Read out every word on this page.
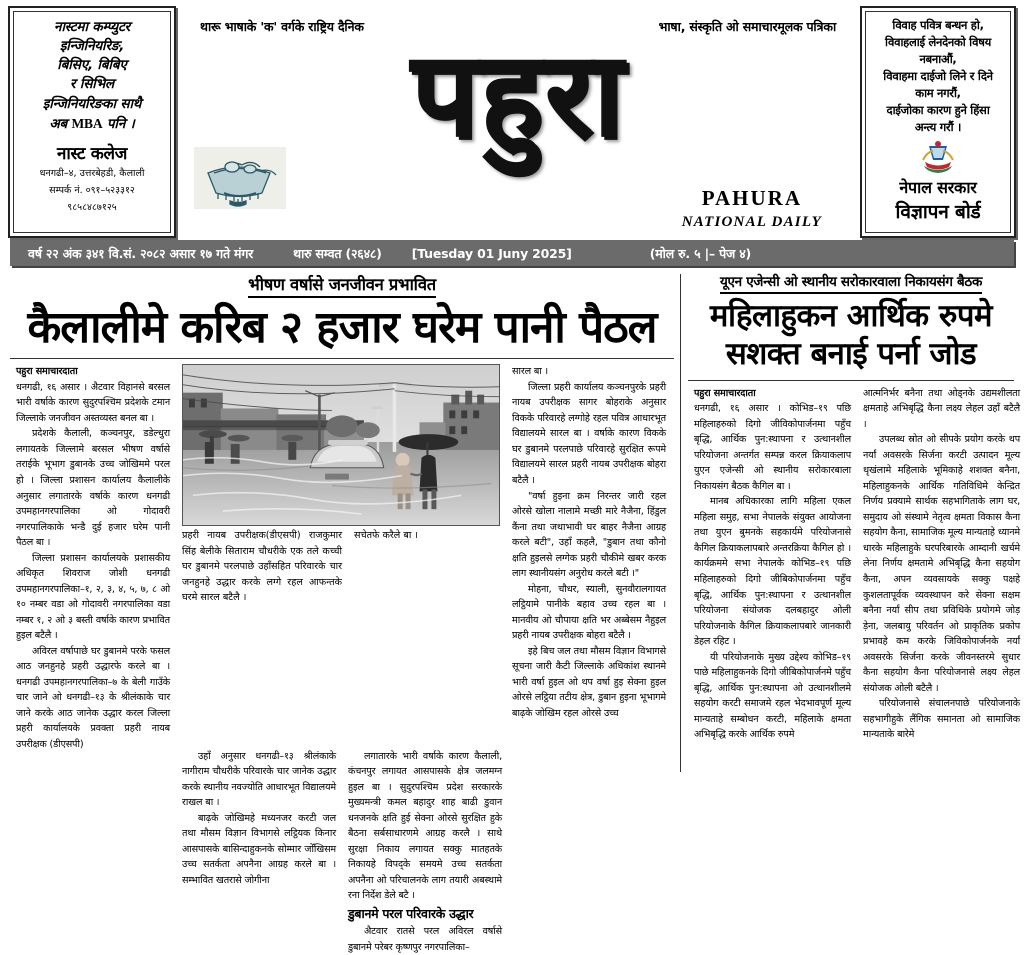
नास्टमा कम्प्युटर
इन्जिनियरिङ,
बिसिए, बिबिए
र सिभिल
इन्जिनियरिङका साथै
अब MBA पनि ।
नास्ट कलेज
धनगढी–४, उत्तरबेहडी, कैलाली
सम्पर्क नं. ०९१–५२३३१२
९८५८४८७१२५
थारू भाषाके 'क' वर्गके राष्ट्रिय दैनिक	भाषा, संस्कृति ओ समाचारमूलक पत्रिका
पहुरा
PAHURA
NATIONAL DAILY
विवाह पवित्र बन्धन हो,
विवाहलाई लेनदेनको विषय
नबनाऔं,
विवाहमा दाईजो लिने र दिने
काम नगरौं,
दाईजोका कारण हुने हिंसा
अन्त्य गरौं ।
नेपाल सरकार
विज्ञापन बोर्ड
वर्ष २२ अंक ३४१ वि.सं. २०८२ असार १७ गते मंगर	थारु सम्वत (२६४८) [Tuesday 01 Juny 2025]	(मोल रु. ५ |– पेज ४)
भीषण वर्षासे जनजीवन प्रभावित
कैलालीमे करिब २ हजार घरेम पानी पैठल

पहुरा समाचारदाता

धनगढी, १६ असार । अैटवार विहानसे बरसल भारी वर्षाके कारण सुदुरपश्चिम प्रदेशके टमान जिल्लाके जनजीवन अस्तव्यस्त बनल बा ।

प्रदेशके कैलाली, कञ्चनपुर, डडेल्धुरा लगायतके जिल्लामे बरसल भीषण वर्षासे तराईके भूभाग डुबानके उच्च जोखिममे परल हो । जिल्ला प्रशासन कार्यालय कैलालीके अनुसार लगातारके वर्षाके कारण धनगढी उपमहानगरपालिका ओ गोदावरी नगरपालिकाके भन्डै दुई हजार घरेम पानी पैठल बा ।

जिल्ला प्रशासन कार्यालयके प्रशासकीय अधिकृत शिवराज जोशी धनगढी उपमहानगरपालिका–१, २, ३, ४, ५, ७, ८ ओ १० नम्बर वडा ओ गोदावरी नगरपालिका वडा नम्बर १, २ ओ ३ बस्ती वर्षाके कारण प्रभावित हुइल बटैलै ।

अविरल वर्षापाछे घर डुबानमे परके फसल आठ जनहुनहे प्रहरी उद्धारफे करले बा । धनगढी उपमहानगरपालिका–७ के बेली गाउँके चार जाने ओ धनगढी–१३ के श्रीलंकाके चार जाने करके आठ जानेक उद्धार करल जिल्ला प्रहरी कार्यालयके प्रवक्ता प्रहरी नायब उपरीक्षक (डीएसपी)

प्रहरी नायब उपरीक्षक(डीएसपी) राजकुमार सिंह बेलीके सिताराम चौधरीके एक तले कच्ची घर डुबानमे परलपाछे उहाँसहित परिवारके चार जनहुनहे उद्धार करके लग्गे रहल आफन्तके घरमे सारल बटैलै ।
सचेतफे करैले बा ।

सारल बा ।

जिल्ला प्रहरी कार्यालय कञ्चनपुरके प्रहरी नायब उपरीक्षक सागर बोहराके अनुसार विकके परिवारहे लग्गोहे रहल पवित्र आधारभूत विद्यालयमे सारल बा । वर्षाके कारण विकके घर डुबानमे परलपाछे परिवारहे सुरक्षित रूपमे विद्यालयमे सारल प्रहरी नायब उपरीक्षक बोहरा बटैलै ।

"वर्षा हुइना क्रम निरन्तर जारी रहल ओरसे खोला नालामे मच्छी मारे नैजैना, हिंडुल कैंना तथा जथाभावी घर बाहर नैजैना आग्रह करले बटी", उहाँ कहलै, "डुबान तथा कौनो क्षति हुइलसे लग्गेक प्रहरी चौकीमे खबर करक लाग स्थानीयसंग अनुरोध करले बटी ।"

मोहना, चौधर, स्याली, सुनवौरालगायत लट्ठियामे पानीके बहाव उच्च रहल बा । मानवीय ओ चौपाया क्षति भर अब्बेसम नैहुइल प्रहरी नायब उपरीक्षक बोहरा बटैलै ।

इहे बिच जल तथा मौसम विज्ञान विभागसे सूचना जारी कैटी जिल्लाके अधिकांश स्थानमे भारी वर्षा हुइल ओ थप वर्षा हुइ सेक्ना हुइल ओरसे लट्ठिया तटीय क्षेत्र, डुबान हुइना भूभागमे बाढ़के जोखिम रहल ओरसे उच्च

उहाँ अनुसार धनगढी–१३ श्रीलंकाके नागीराम चौधरीके परिवारके चार जानेक उद्धार करके स्थानीय नवज्योति आधारभूत विद्यालयमे राखल बा ।

बाढ़के जोखिमहे मध्यनजर करटी जल तथा मौसम विज्ञान विभागसे लट्ठियक किनार आसपासके बासिन्दाहुकनके सोम्मार जोँखिसम उच्च सतर्कता अपनैना आग्रह करले बा । सम्भावित खतरासे जोगीना

लगातारके भारी वर्षाके कारण कैलाली, कंचनपुर लगायत आसपासके क्षेत्र जलमग्न हुइल बा । सुदुरपश्चिम प्रदेश सरकारके मुख्यमन्त्री कमल बहादुर शाह बाढी डुवान धनजनके क्षति हुई सेक्ना ओरसे सुरक्षित हुके बैठना सर्बसाधारणमे आग्रह करलै । साथे सुरक्षा निकाय लगायत सक्कु मातहतके निकायहे विपद्के समयमे उच्च सतर्कता अपनैना ओ परिचालनके लाग तयारी अबस्थामे रना निर्देश डेले बटै ।

डुबानमे परल परिवारके उद्धार

अैटवार रातसे परल अविरल वर्षासे डुबानमे परेबर कृष्णपुर नगरपालिका–

यूएन एजेन्सी ओ स्थानीय सरोकारवाला निकायसंग बैठक
महिलाहुकन आर्थिक रुपमे
सशक्त बनाई पर्ना जोड

पहुरा समाचारदाता

धनगढी, १६ असार । कोभिड–१९ पछि महिलाहरुको दिगो जीविकोपार्जनमा पहुँच बृद्धि, आर्थिक पुन:स्थापना र उत्थानशील परियोजना अन्तर्गत सम्पन्न करल क्रियाकलाप युएन एजेन्सी ओ स्थानीय सरोकारबाला निकायसंग बैठक कैगिल बा ।

मानब अधिकारका लागि महिला एकल महिला समुह, सभा नेपालके संयुक्त आयोजना तथा युएन बुमनके सहकार्यमे परियोजनासे कैगिल क्रियाकलापबारे अन्तरक्रिया कैगिल हो । कार्यक्रममे सभा नेपालके कोभिड–१९ पछि महिलाहरुको दिगो जीबिकोपार्जनमा पहुँच बृद्धि, आर्थिक पुन:स्थापना र उत्थानशील परियोजना संयोजक दलबहादुर ओली परियोजनाके कैगिल क्रियाकलापबारे जानकारी डेहल रहिट ।

यी परियोजनाके मुख्य उद्देश्य कोभिड–१९ पाछे महिलाहुकनके दिगो जीबिकोपार्जनमे पहुँच बृद्धि, आर्थिक पुन:स्थापना ओ उत्थानशीलमे सहयोग करटी समाजमे रहल भेदभावपूर्ण मूल्य मान्यताहे सम्बोधन करटी, महिलाके क्षमता अभिबृद्धि करके आर्थिक रुपमे

आत्मनिर्भर बनैना तथा ओड्नके उद्यमशीलता क्षमताहे अभिबृद्धि कैना लक्ष्य लेहल उहाँ बटैलै ।

उपलब्ध स्रोत ओ सीपके प्रयोग करके थप नर्यां अवसरके सिर्जना करटी उत्पादन मूल्य थृखंलामे महिलाके भूमिकाहे शशक्त बनैना, महिलाहुकनके आर्थिक गतिविधिमे केन्द्रित निर्णय प्रक्यामे सार्थक सहभागिताके लाग घर, समुदाय ओ संस्थामे नेतृत्व क्षमता विकास कैना सहयोग कैना, सामाजिक मूल्य मान्यताहे ध्यानमे धारके महिलाहुके घरपरिबारके आम्दानी खर्चमे लेना निर्णय क्षमतामे अभिबृद्धि कैना सहयोग कैना, अपन व्यवसायके सक्कु पक्षहे कुशलतापूर्वक व्यवस्थापन करे सेक्ना सक्षम बनैना नर्यां सीप तथा प्रविधिके प्रयोगमे जोड़ ड़ेना, जलबायु परिवर्तन ओ प्राकृतिक प्रकोप प्रभावहे कम करके जिविकोपार्जनके नर्यां अवसरके सिर्जना करके जीवनस्तरमे सुधार कैना सहयोग कैना परियोजनासे लक्ष्य लेहल संयोजक ओली बटैलै ।

परियोजनासे संचालनपाछे परियोजनाके सहभागीहुके लैंगिक समानता ओ सामाजिक मान्यताके बारेमे
